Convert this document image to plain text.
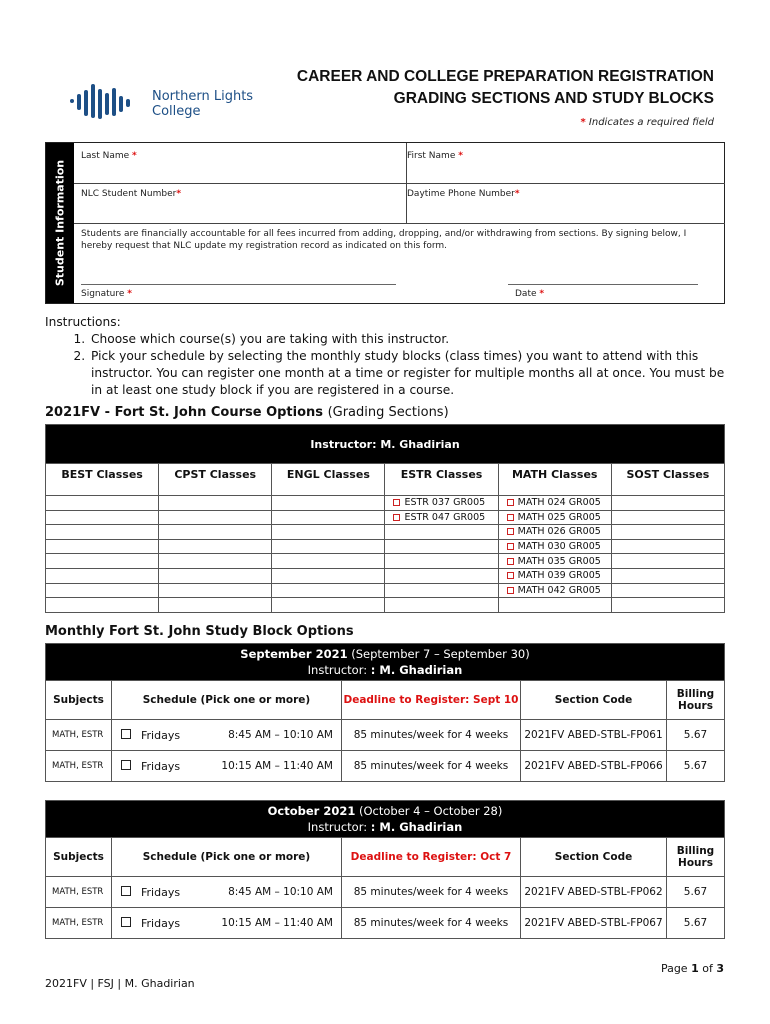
Northern Lights
College
CAREER AND COLLEGE PREPARATION REGISTRATION
GRADING SECTIONS AND STUDY BLOCKS
* Indicates a required field
Student Information
Last Name *	First Name *
NLC Student Number*	Daytime Phone Number*
Students are financially accountable for all fees incurred from adding, dropping, and/or withdrawing from sections. By signing below, I hereby request that NLC update my registration record as indicated on this form.
Signature *	Date *
Instructions:
1. Choose which course(s) you are taking with this instructor.
2. Pick your schedule by selecting the monthly study blocks (class times) you want to attend with this instructor. You can register one month at a time or register for multiple months all at once. You must be in at least one study block if you are registered in a course.
2021FV - Fort St. John Course Options (Grading Sections)
Instructor: M. Ghadirian					
BEST Classes	CPST Classes	ENGL Classes	ESTR Classes	MATH Classes	SOST Classes
			ESTR 037 GR005	MATH 024 GR005	
			ESTR 047 GR005	MATH 025 GR005	
				MATH 026 GR005	
				MATH 030 GR005	
				MATH 035 GR005	
				MATH 039 GR005	
				MATH 042 GR005	

Monthly Fort St. John Study Block Options
September 2021 (September 7 – September 30)
Instructor: : M. Ghadirian						

Subjects	Schedule (Pick one or more)			Deadline to Register: Sept 10	Section Code	Billing Hours
MATH, ESTR		Fridays	8:45 AM – 10:10 AM	85 minutes/week for 4 weeks	2021FV ABED-STBL-FP061	5.67
MATH, ESTR		Fridays	10:15 AM – 11:40 AM	85 minutes/week for 4 weeks	2021FV ABED-STBL-FP066	5.67
October 2021 (October 4 – October 28)
Instructor: : M. Ghadirian						

Subjects	Schedule (Pick one or more)			Deadline to Register: Oct 7	Section Code	Billing Hours
MATH, ESTR		Fridays	8:45 AM – 10:10 AM	85 minutes/week for 4 weeks	2021FV ABED-STBL-FP062	5.67
MATH, ESTR		Fridays	10:15 AM – 11:40 AM	85 minutes/week for 4 weeks	2021FV ABED-STBL-FP067	5.67
Page 1 of 3
2021FV | FSJ | M. Ghadirian
